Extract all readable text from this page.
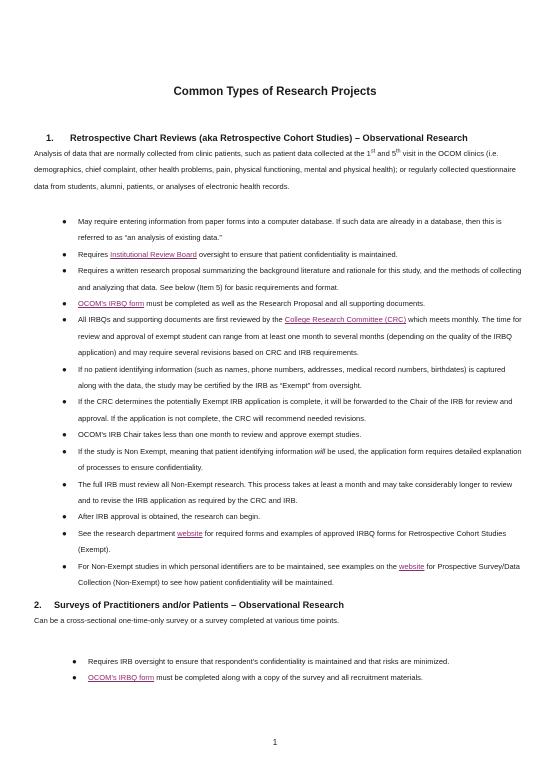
Common Types of Research Projects
1. Retrospective Chart Reviews (aka Retrospective Cohort Studies) – Observational Research
Analysis of data that are normally collected from clinic patients, such as patient data collected at the 1st and 5th visit in the OCOM clinics (i.e. demographics, chief complaint, other health problems, pain, physical functioning, mental and physical health); or regularly collected questionnaire data from students, alumni, patients, or analyses of electronic health records.
● May require entering information from paper forms into a computer database. If such data are already in a database, then this is referred to as “an analysis of existing data.”
● Requires Institutional Review Board oversight to ensure that patient confidentiality is maintained.
● Requires a written research proposal summarizing the background literature and rationale for this study, and the methods of collecting and analyzing that data. See below (Item 5) for basic requirements and format.
● OCOM’s IRBQ form must be completed as well as the Research Proposal and all supporting documents.
● All IRBQs and supporting documents are first reviewed by the College Research Committee (CRC) which meets monthly. The time for review and approval of exempt student can range from at least one month to several months (depending on the quality of the IRBQ application) and may require several revisions based on CRC and IRB requirements.
● If no patient identifying information (such as names, phone numbers, addresses, medical record numbers, birthdates) is captured along with the data, the study may be certified by the IRB as “Exempt” from oversight.
● If the CRC determines the potentially Exempt IRB application is complete, it will be forwarded to the Chair of the IRB for review and approval. If the application is not complete, the CRC will recommend needed revisions.
● OCOM’s IRB Chair takes less than one month to review and approve exempt studies.
● If the study is Non Exempt, meaning that patient identifying information will be used, the application form requires detailed explanation of processes to ensure confidentiality.
● The full IRB must review all Non-Exempt research. This process takes at least a month and may take considerably longer to review and to revise the IRB application as required by the CRC and IRB.
● After IRB approval is obtained, the research can begin.
● See the research department website for required forms and examples of approved IRBQ forms for Retrospective Cohort Studies (Exempt).
● For Non-Exempt studies in which personal identifiers are to be maintained, see examples on the website for Prospective Survey/Data Collection (Non-Exempt) to see how patient confidentiality will be maintained.
2. Surveys of Practitioners and/or Patients – Observational Research
Can be a cross-sectional one-time-only survey or a survey completed at various time points.
● Requires IRB oversight to ensure that respondent’s confidentiality is maintained and that risks are minimized.
● OCOM’s IRBQ form must be completed along with a copy of the survey and all recruitment materials.
1
